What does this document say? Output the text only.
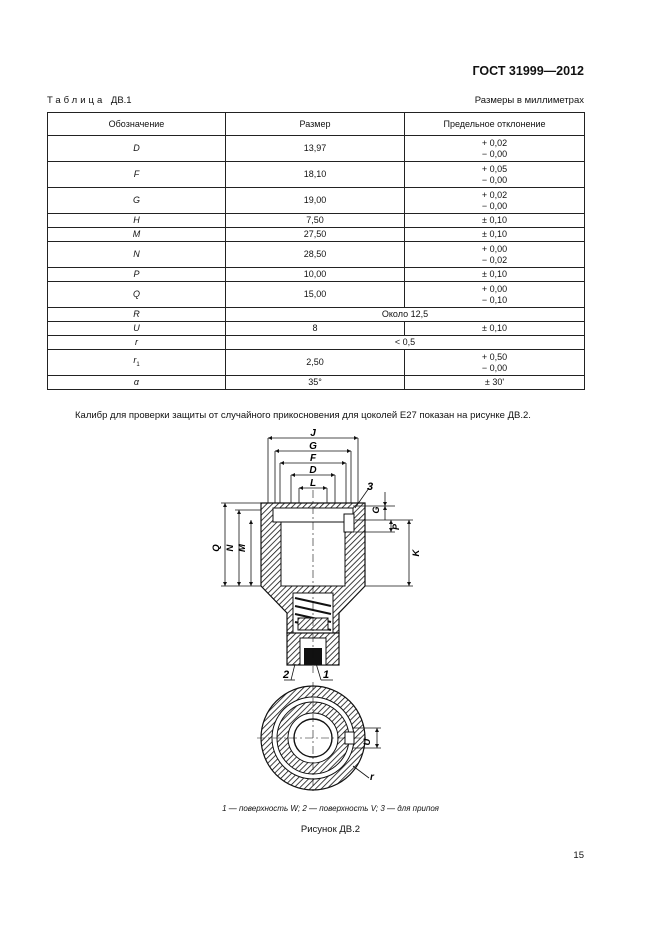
ГОСТ 31999—2012
Таблица ДВ.1	Размеры в миллиметрах
Обозначение	Размер	Предельное отклонение
D	13,97	+ 0,02
− 0,00

F	18,10	+ 0,05
− 0,00

G	19,00	+ 0,02
− 0,00

H	7,50	± 0,10

M	27,50	± 0,10

N	28,50	+ 0,00
− 0,02

P	10,00	± 0,10

Q	15,00	+ 0,00
− 0,10

R	Около 12,5	
U	8	± 0,10

r	< 0,5	
$r_1$	2,50	+ 0,50
− 0,00

α	35°	± 30'
Калибр для проверки защиты от случайного прикосновения для цоколей Е27 показан на рисунке ДВ.2.
J
G
F
D
L
Q N M
G
P
K
3
2	1
U
r
1 — поверхность W; 2 — поверхность V; 3 — для припоя
Рисунок ДВ.2
15
